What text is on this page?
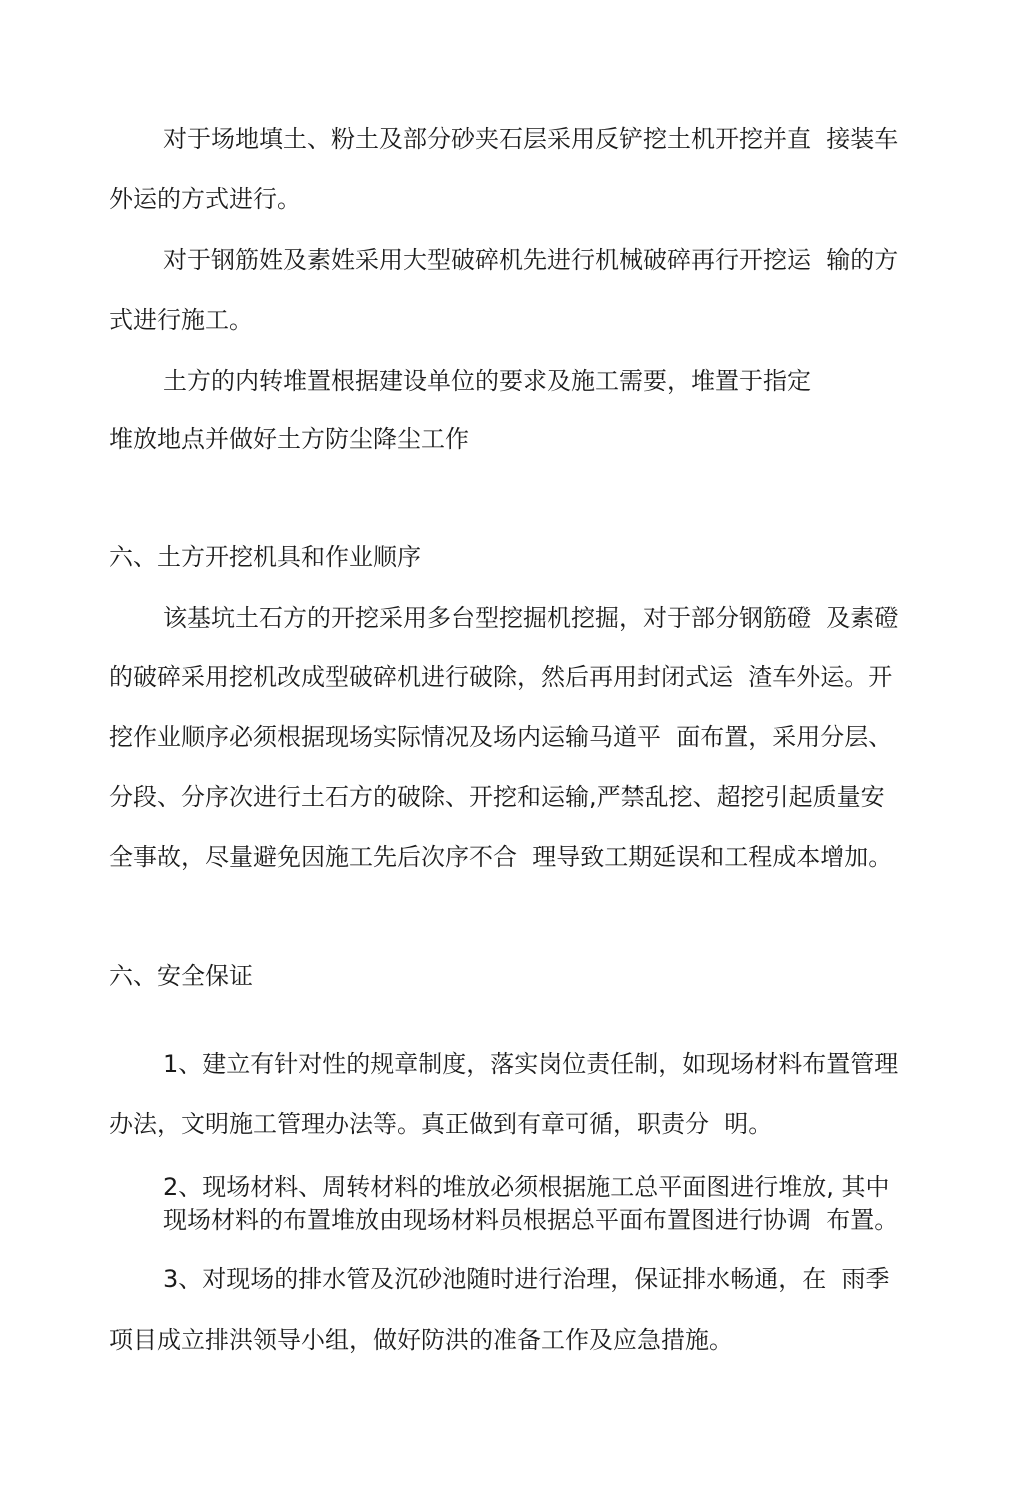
对于场地填土、粉土及部分砂夹石层采用反铲挖土机开挖并直  接装车
外运的方式进行。
对于钢筋姓及素姓采用大型破碎机先进行机械破碎再行开挖运  输的方
式进行施工。
土方的内转堆置根据建设单位的要求及施工需要，堆置于指定
堆放地点并做好土方防尘降尘工作
六、土方开挖机具和作业顺序
该基坑土石方的开挖采用多台型挖掘机挖掘，对于部分钢筋磴  及素磴
的破碎采用挖机改成型破碎机进行破除，然后再用封闭式运  渣车外运。开
挖作业顺序必须根据现场实际情况及场内运输马道平  面布置，采用分层、
分段、分序次进行土石方的破除、开挖和运输,严禁乱挖、超挖引起质量安
全事故，尽量避免因施工先后次序不合  理导致工期延误和工程成本增加。
六、安全保证
1、建立有针对性的规章制度，落实岗位责任制，如现场材料布置管理
办法，文明施工管理办法等。真正做到有章可循，职责分  明。
2、现场材料、周转材料的堆放必须根据施工总平面图进行堆放, 其中
现场材料的布置堆放由现场材料员根据总平面布置图进行协调  布置。
3、对现场的排水管及沉砂池随时进行治理，保证排水畅通，在  雨季
项目成立排洪领导小组，做好防洪的准备工作及应急措施。
